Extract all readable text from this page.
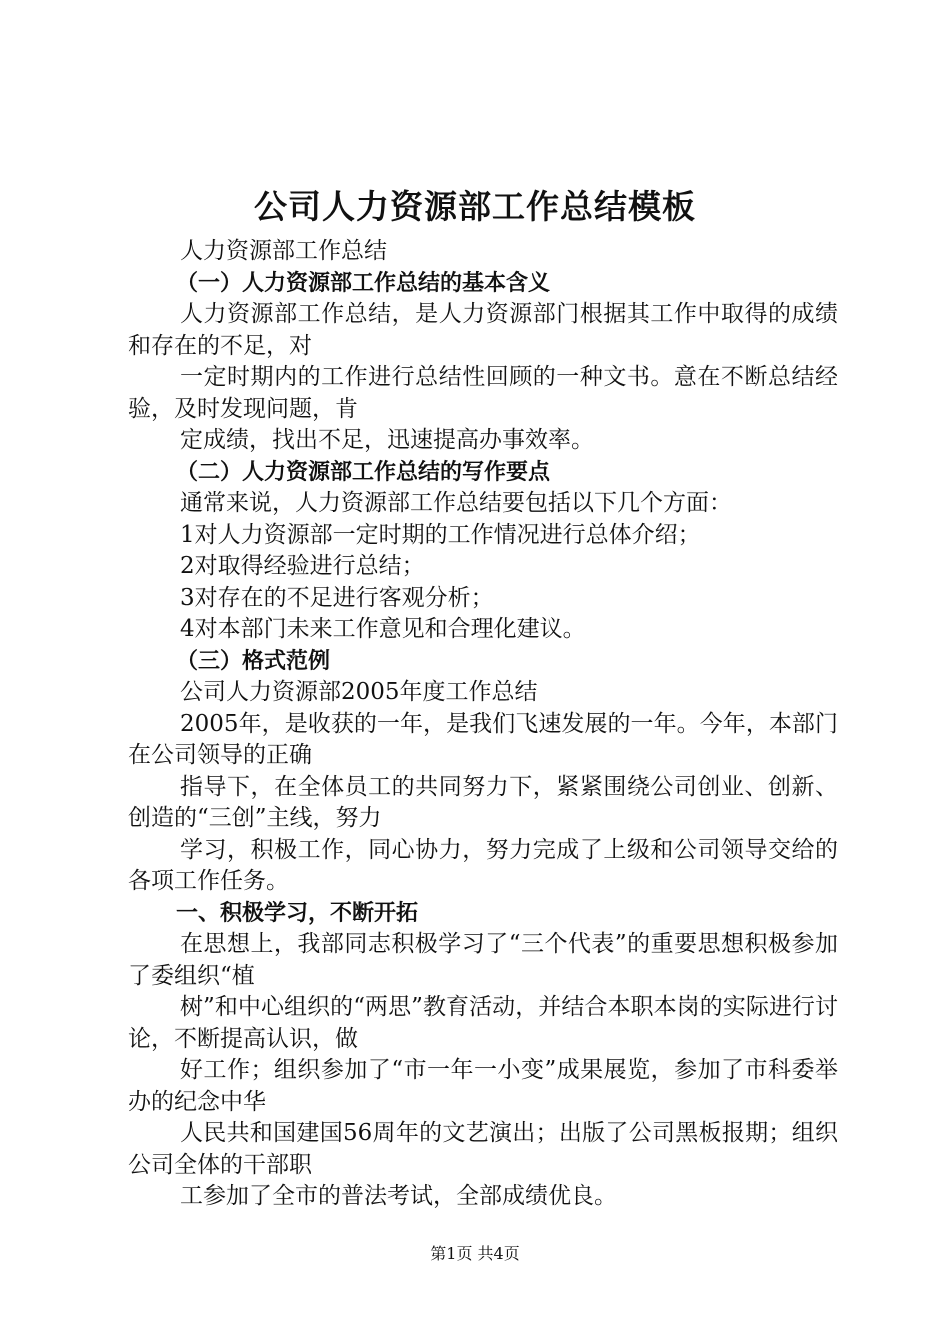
公司人力资源部工作总结模板

人力资源部工作总结

（一）人力资源部工作总结的基本含义

人力资源部工作总结，是人力资源部门根据其工作中取得的成绩和存在的不足，对

一定时期内的工作进行总结性回顾的一种文书。意在不断总结经验，及时发现问题，肯

定成绩，找出不足，迅速提高办事效率。

（二）人力资源部工作总结的写作要点

通常来说，人力资源部工作总结要包括以下几个方面：

1对人力资源部一定时期的工作情况进行总体介绍；

2对取得经验进行总结；

3对存在的不足进行客观分析；

4对本部门未来工作意见和合理化建议。

（三）格式范例

公司人力资源部2005年度工作总结

2005年，是收获的一年，是我们飞速发展的一年。今年，本部门在公司领导的正确

指导下，在全体员工的共同努力下，紧紧围绕公司创业、创新、创造的“三创”主线，努力

学习，积极工作，同心协力，努力完成了上级和公司领导交给的各项工作任务。

一、积极学习，不断开拓

在思想上，我部同志积极学习了“三个代表”的重要思想积极参加了委组织“植

树”和中心组织的“两思”教育活动，并结合本职本岗的实际进行讨论，不断提高认识，做

好工作；组织参加了“市一年一小变”成果展览，参加了市科委举办的纪念中华

人民共和国建国56周年的文艺演出；出版了公司黑板报期；组织公司全体的干部职

工参加了全市的普法考试，全部成绩优良。

第1页 共4页
